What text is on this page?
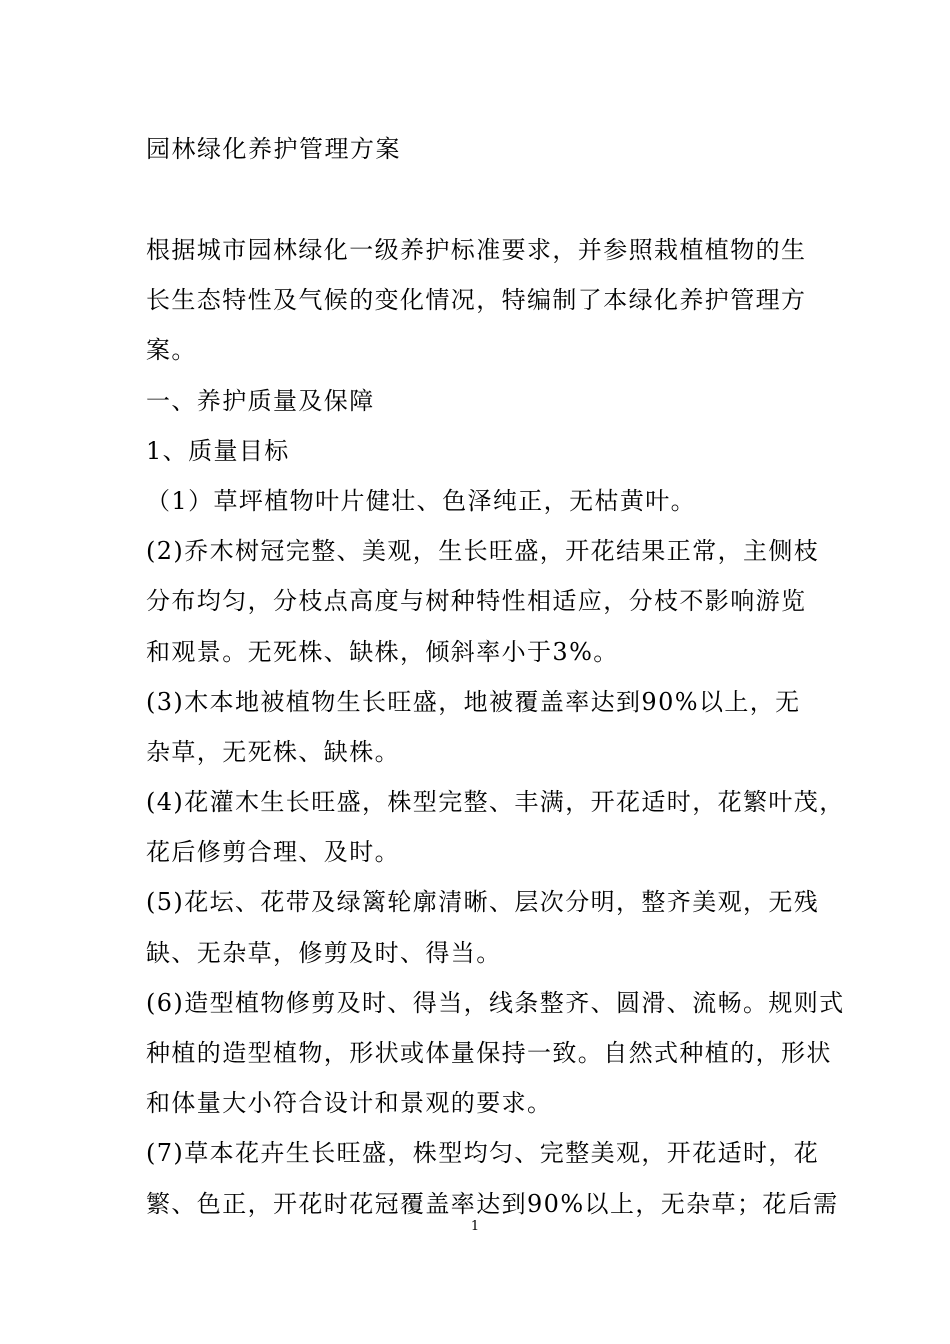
园林绿化养护管理方案
根据城市园林绿化一级养护标准要求，并参照栽植植物的生
长生态特性及气候的变化情况，特编制了本绿化养护管理方
案。
一、养护质量及保障
1、质量目标
（1）草坪植物叶片健壮、色泽纯正，无枯黄叶。
(2)乔木树冠完整、美观，生长旺盛，开花结果正常，主侧枝
分布均匀，分枝点高度与树种特性相适应，分枝不影响游览
和观景。无死株、缺株，倾斜率小于3%。
(3)木本地被植物生长旺盛，地被覆盖率达到90%以上，无
杂草，无死株、缺株。
(4)花灌木生长旺盛，株型完整、丰满，开花适时，花繁叶茂，
花后修剪合理、及时。
(5)花坛、花带及绿篱轮廓清晰、层次分明，整齐美观，无残
缺、无杂草，修剪及时、得当。
(6)造型植物修剪及时、得当，线条整齐、圆滑、流畅。规则式
种植的造型植物，形状或体量保持一致。自然式种植的，形状
和体量大小符合设计和景观的要求。
(7)草本花卉生长旺盛，株型均匀、完整美观，开花适时，花
繁、色正，开花时花冠覆盖率达到90%以上，无杂草；花后需
1
